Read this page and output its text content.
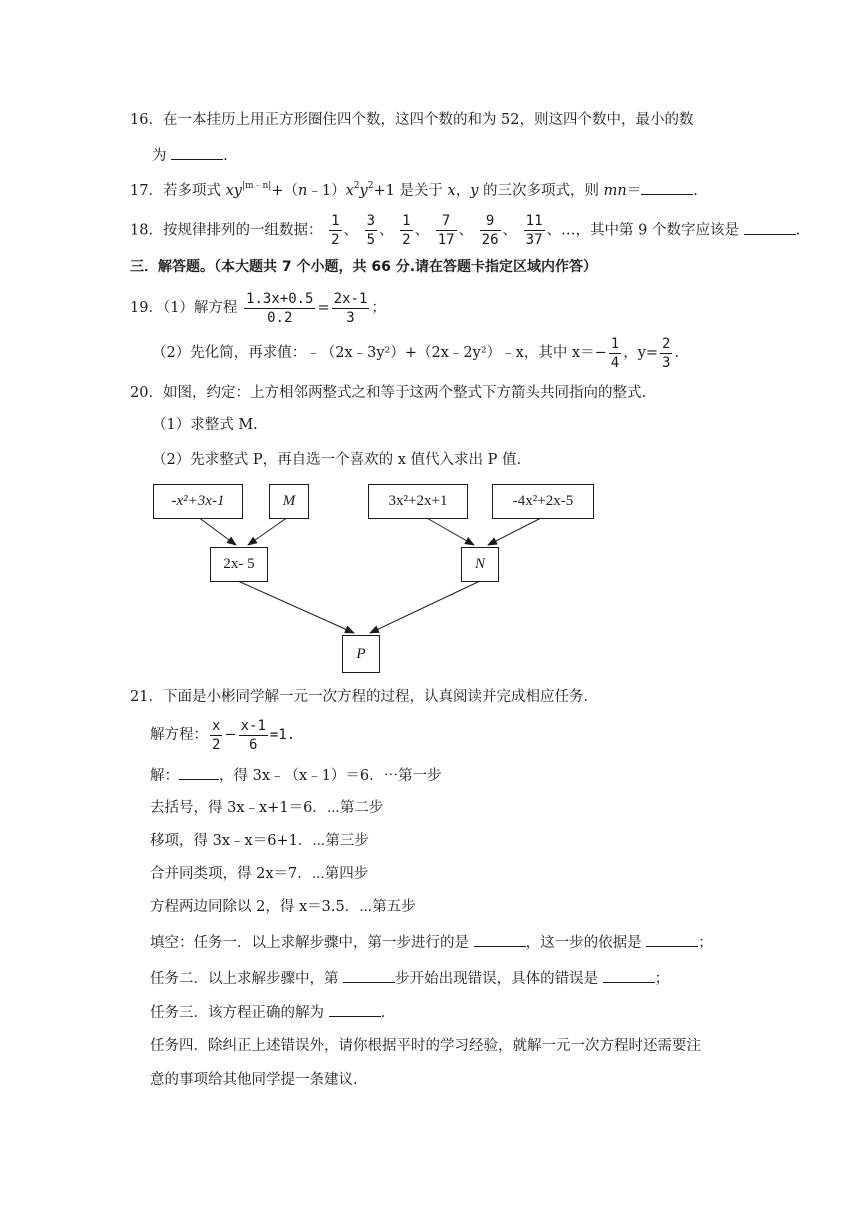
16．在一本挂历上用正方形圈住四个数，这四个数的和为 52，则这四个数中，最小的数
为	.
17．若多项式 $xy^{|m﹣n|}+(n﹣1)x^2y^2+1$ 是关于 x，y 的三次多项式，则 mn＝	.
18．按规律排列的一组数据： $\frac{1}{2}$ 、 $\frac{3}{5}$ 、 $\frac{1}{2}$ 、 $\frac{7}{17}$ 、 $\frac{9}{26}$ 、 $\frac{11}{37}$ 、…，其中第 9 个数字应该是	.
三．解答题。（本大题共 7 个小题，共 66 分.请在答题卡指定区域内作答）
19．（1）解方程 $\frac{1.3x+0.5}{0.2} = \frac{2x-1}{3}$ ；
（2）先化简，再求值：﹣（2x﹣3y²）+（2x﹣2y²）﹣x，其中 $x=- \frac{1}{4}$ ，$y= \frac{2}{3}$ .
20．如图，约定：上方相邻两整式之和等于这两个整式下方箭头共同指向的整式.
（1）求整式 M.
（2）先求整式 P，再自选一个喜欢的 x 值代入求出 P 值.
-x²+3x-1	M	3x²+2x+1	-4x²+2x-5
2x- 5	N
P
21．下面是小彬同学解一元一次方程的过程，认真阅读并完成相应任务.
解方程： $\frac{x}{2} - \frac{x-1}{6} =1$.
解：	，得 3x﹣（x﹣1）＝6．⋯第一步
去括号，得 3x﹣x+1＝6．⋯第二步
移项，得 3x﹣x＝6+1．⋯第三步
合并同类项，得 2x＝7．⋯第四步
方程两边同除以 2，得 x＝3.5．⋯第五步
填空：任务一．以上求解步骤中，第一步进行的是	，这一步的依据是	；
任务二．以上求解步骤中，第	步开始出现错误，具体的错误是	；
任务三．该方程正确的解为	.
任务四．除纠正上述错误外，请你根据平时的学习经验，就解一元一次方程时还需要注
意的事项给其他同学提一条建议.
